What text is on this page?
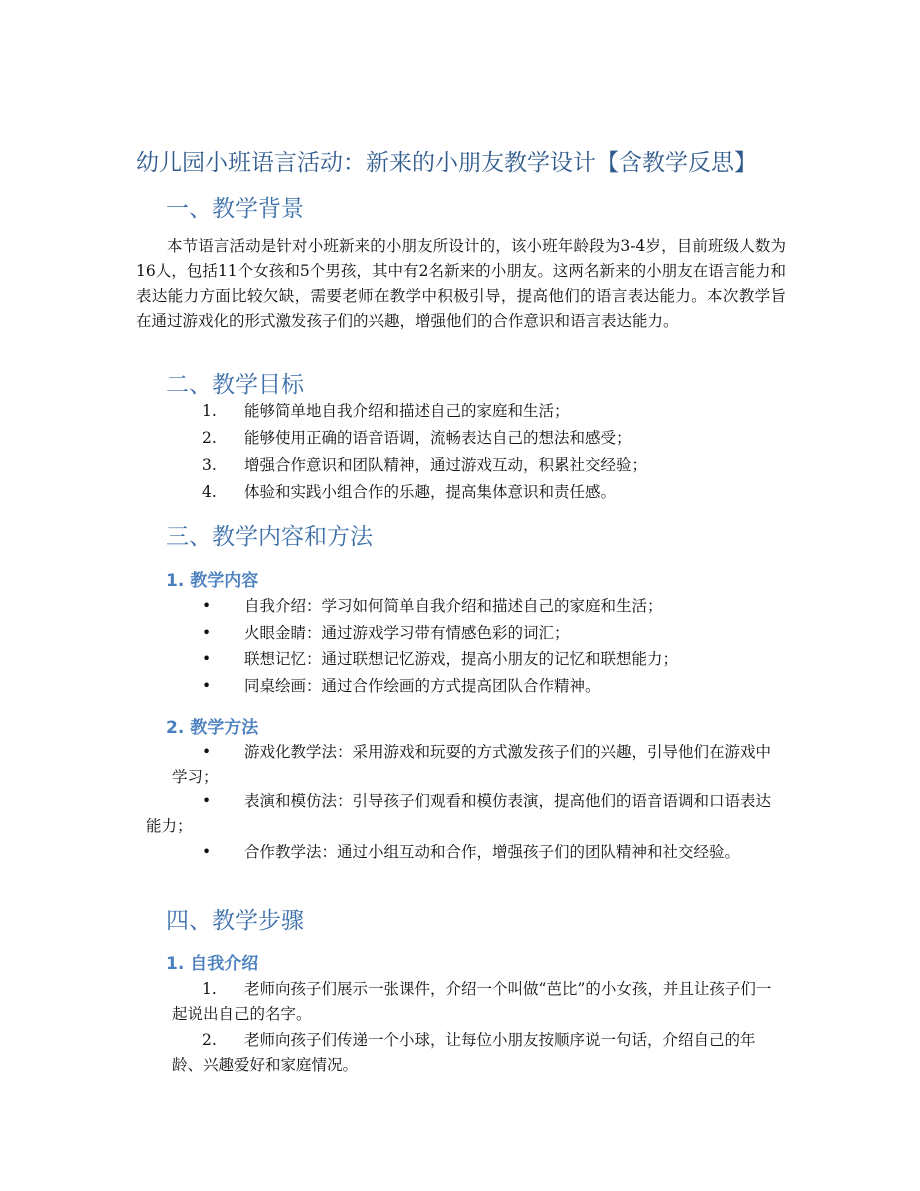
幼儿园小班语言活动：新来的小朋友教学设计【含教学反思】
一、教学背景

本节语言活动是针对小班新来的小朋友所设计的，该小班年龄段为3-4岁，目前班级人数为16人，包括11个女孩和5个男孩，其中有2名新来的小朋友。这两名新来的小朋友在语言能力和表达能力方面比较欠缺，需要老师在教学中积极引导，提高他们的语言表达能力。本次教学旨在通过游戏化的形式激发孩子们的兴趣，增强他们的合作意识和语言表达能力。

二、教学目标
1.	能够简单地自我介绍和描述自己的家庭和生活；
2.	能够使用正确的语音语调，流畅表达自己的想法和感受；
3.	增强合作意识和团队精神，通过游戏互动，积累社交经验；
4.	体验和实践小组合作的乐趣，提高集体意识和责任感。
三、教学内容和方法
1. 教学内容
•	自我介绍：学习如何简单自我介绍和描述自己的家庭和生活；
•	火眼金睛：通过游戏学习带有情感色彩的词汇；
•	联想记忆：通过联想记忆游戏，提高小朋友的记忆和联想能力；
•	同桌绘画：通过合作绘画的方式提高团队合作精神。
2. 教学方法
•	游戏化教学法：采用游戏和玩耍的方式激发孩子们的兴趣，引导他们在游戏中学习；
•	表演和模仿法：引导孩子们观看和模仿表演，提高他们的语音语调和口语表达能力；
•	合作教学法：通过小组互动和合作，增强孩子们的团队精神和社交经验。
四、教学步骤
1. 自我介绍
1.	老师向孩子们展示一张课件，介绍一个叫做“芭比”的小女孩，并且让孩子们一起说出自己的名字。
2.	老师向孩子们传递一个小球，让每位小朋友按顺序说一句话，介绍自己的年龄、兴趣爱好和家庭情况。
